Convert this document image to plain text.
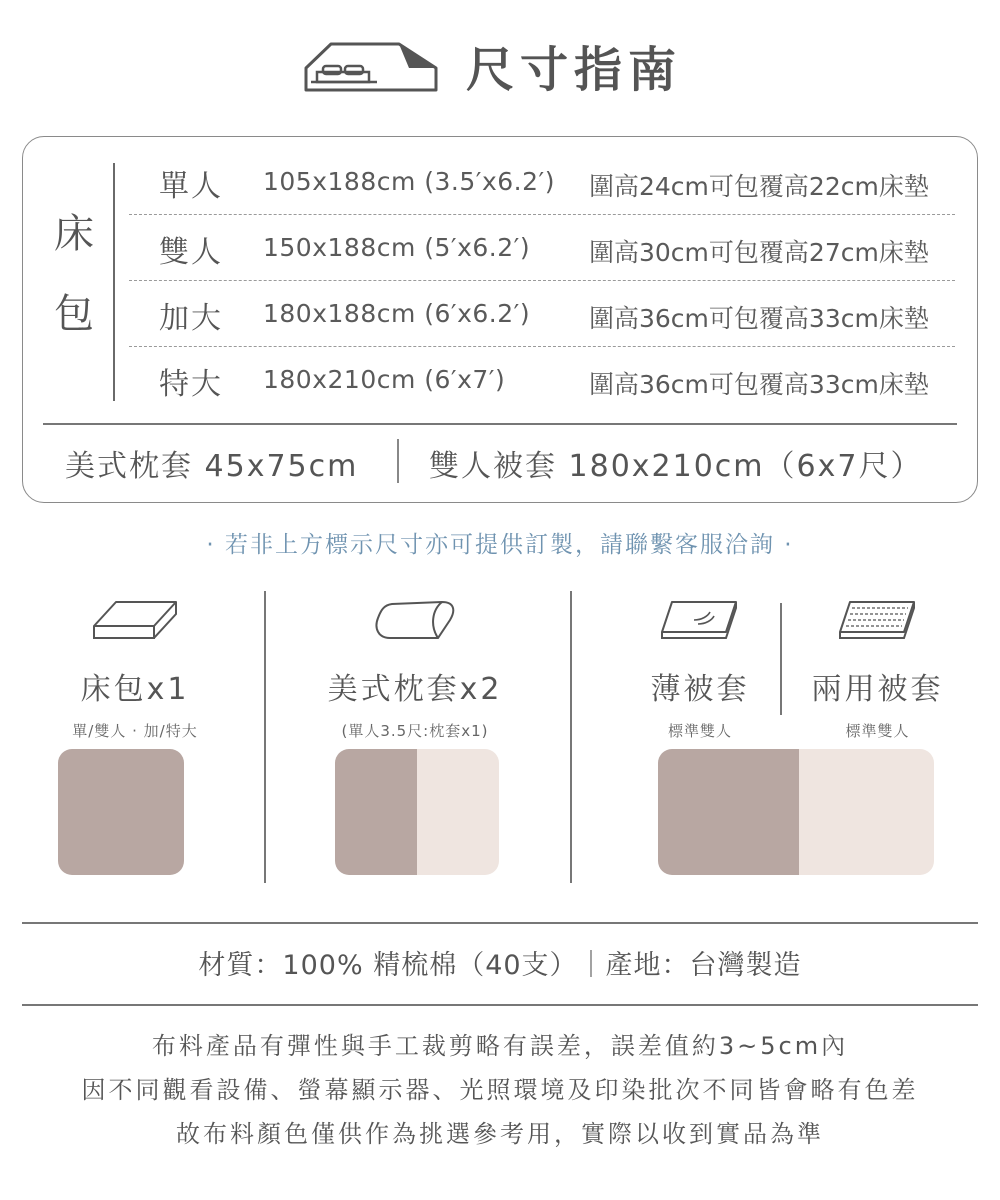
尺寸指南
床
包
單人 105x188cm (3.5′x6.2′) 圍高24cm可包覆高22cm床墊
雙人 150x188cm (5′x6.2′) 圍高30cm可包覆高27cm床墊
加大 180x188cm (6′x6.2′) 圍高36cm可包覆高33cm床墊
特大 180x210cm (6′x7′)	圍高36cm可包覆高33cm床墊
美式枕套 45x75cm 雙人被套 180x210cm（6x7尺）
· 若非上方標示尺寸亦可提供訂製，請聯繫客服洽詢 ·
床包x1
單/雙人 · 加/特大
美式枕套x2
(單人3.5尺:枕套x1)
薄被套
標準雙人
兩用被套
標準雙人
材質：100% 精梳棉（40支）｜產地：台灣製造
布料產品有彈性與手工裁剪略有誤差，誤差值約3~5cm內
因不同觀看設備、螢幕顯示器、光照環境及印染批次不同皆會略有色差
故布料顏色僅供作為挑選參考用，實際以收到實品為準
